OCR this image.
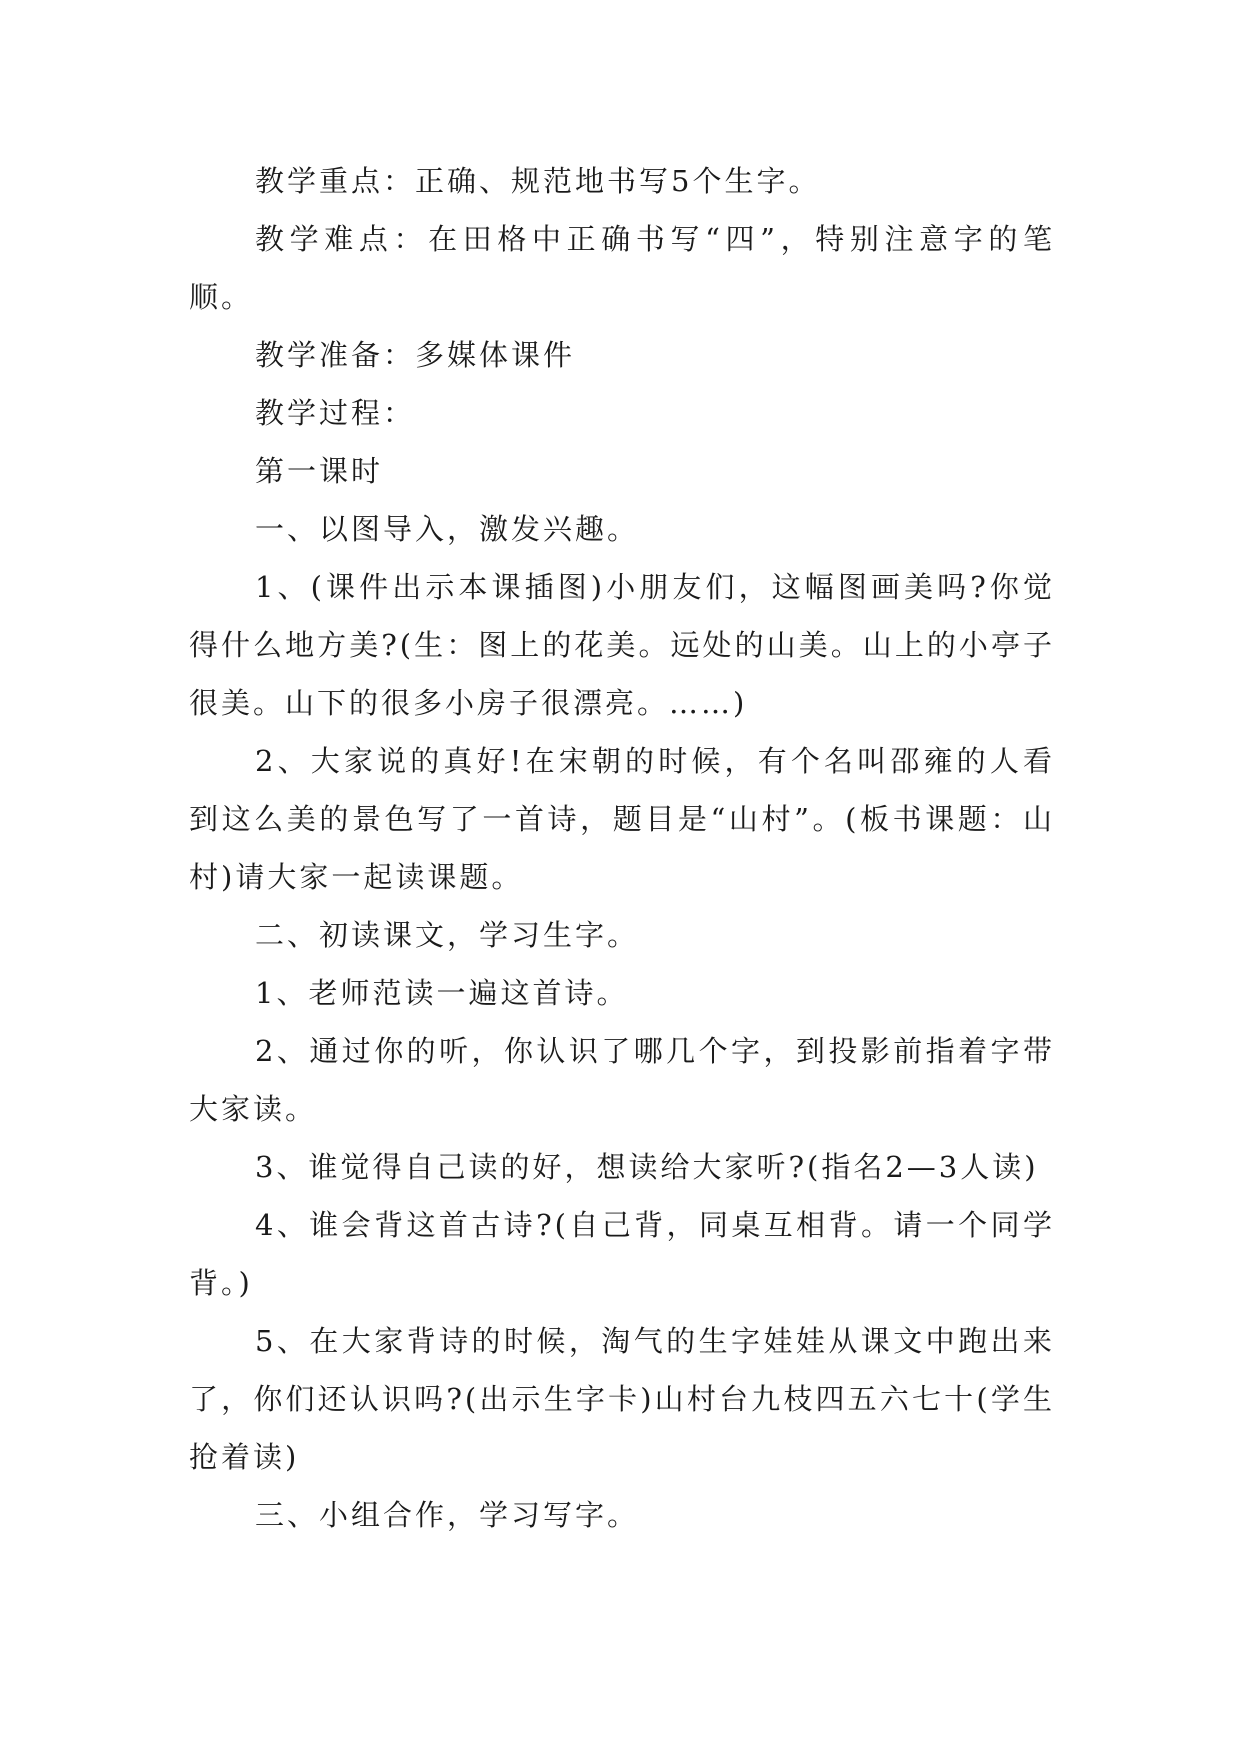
教学重点：正确、规范地书写5个生字。

教学难点：在田格中正确书写“四”，特别注意字的笔顺。

教学准备：多媒体课件

教学过程：

第一课时

一、以图导入，激发兴趣。

1、(课件出示本课插图)小朋友们，这幅图画美吗?你觉得什么地方美?(生：图上的花美。远处的山美。山上的小亭子很美。山下的很多小房子很漂亮。……)

2、大家说的真好!在宋朝的时候，有个名叫邵雍的人看到这么美的景色写了一首诗，题目是“山村”。(板书课题：山村)请大家一起读课题。

二、初读课文，学习生字。

1、老师范读一遍这首诗。

2、通过你的听，你认识了哪几个字，到投影前指着字带大家读。

3、谁觉得自己读的好，想读给大家听?(指名2—3人读)

4、谁会背这首古诗?(自己背，同桌互相背。请一个同学背。)

5、在大家背诗的时候，淘气的生字娃娃从课文中跑出来了，你们还认识吗?(出示生字卡)山村台九枝四五六七十(学生抢着读)

三、小组合作，学习写字。
